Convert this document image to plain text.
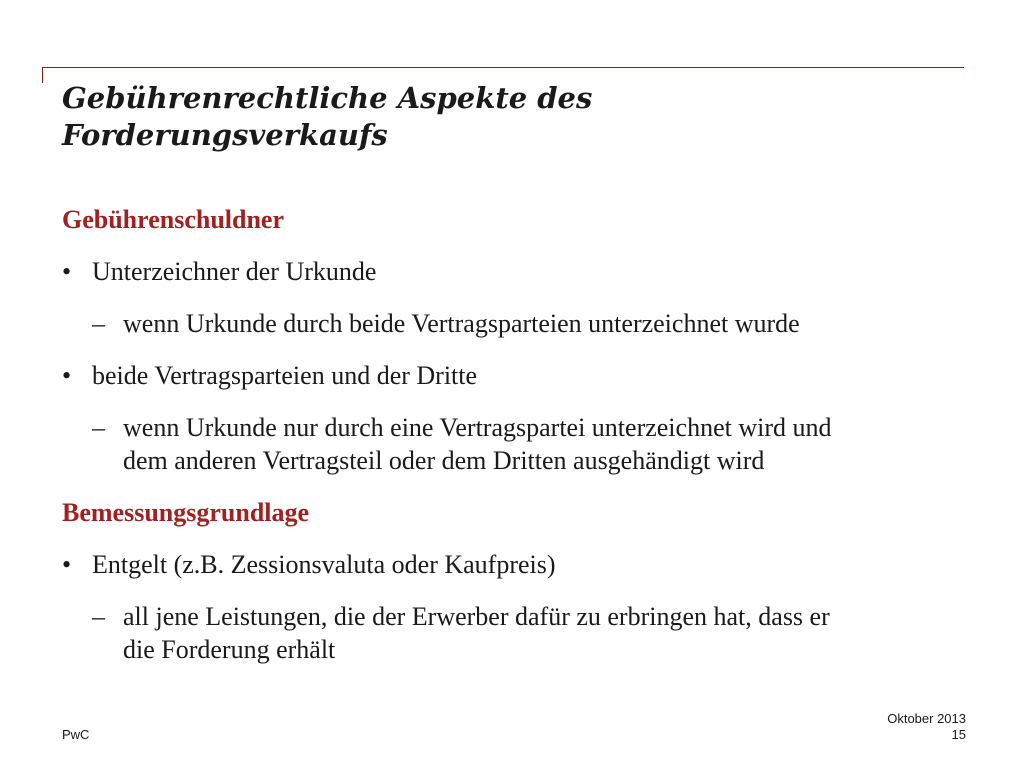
Gebührenrechtliche Aspekte des
Forderungsverkaufs
Gebührenschuldner
• Unterzeichner der Urkunde
– wenn Urkunde durch beide Vertragsparteien unterzeichnet wurde
• beide Vertragsparteien und der Dritte
– wenn Urkunde nur durch eine Vertragspartei unterzeichnet wird und
dem anderen Vertragsteil oder dem Dritten ausgehändigt wird
Bemessungsgrundlage
• Entgelt (z.B. Zessionsvaluta oder Kaufpreis)
– all jene Leistungen, die der Erwerber dafür zu erbringen hat, dass er
die Forderung erhält
PwC
Oktober 2013
15
